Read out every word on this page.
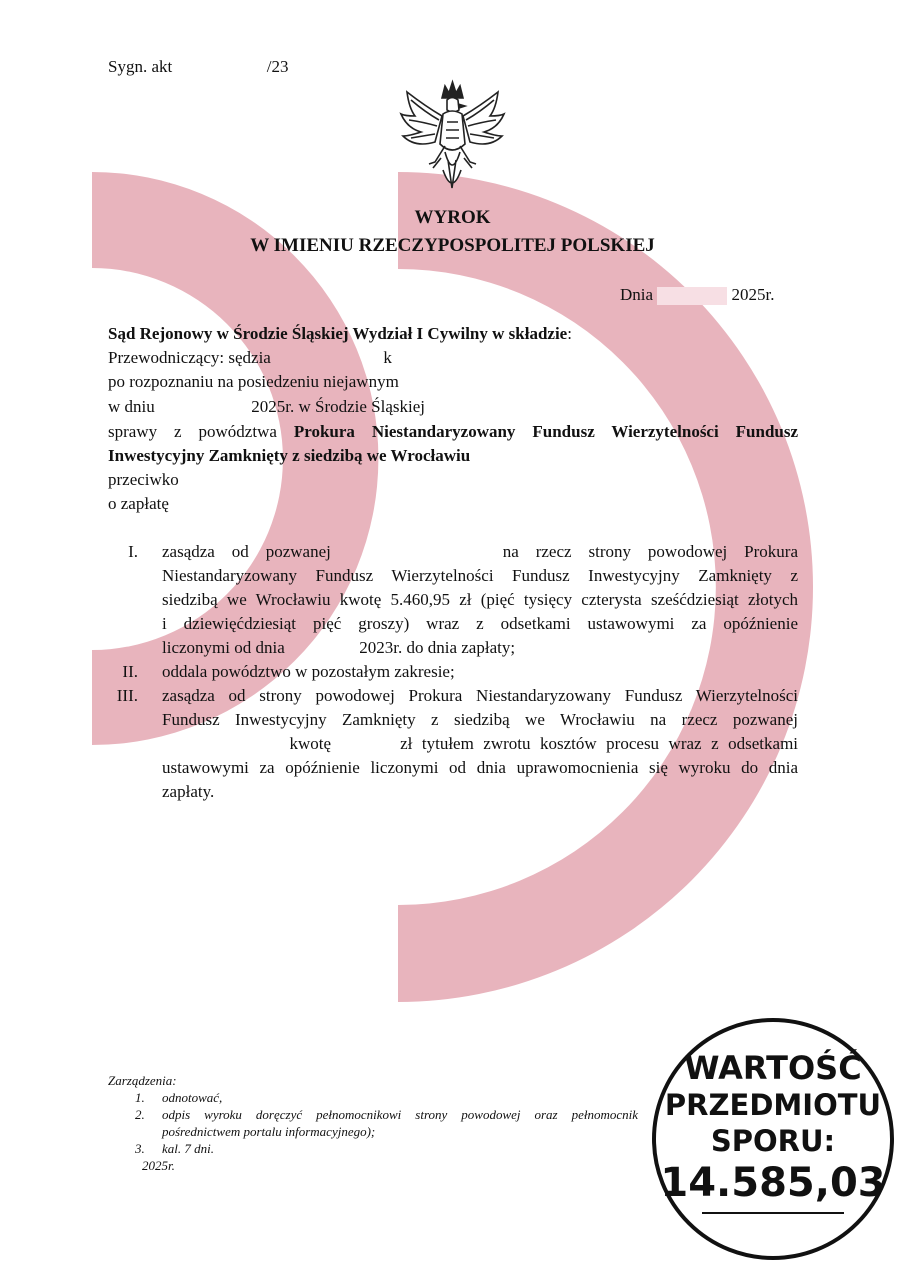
Sygn. akt	/23
WYROK
W IMIENIU RZECZYPOSPOLITEJ POLSKIEJ
Dnia	2025r.
Sąd Rejonowy w Środzie Śląskiej Wydział I Cywilny w składzie:
Przewodniczący: sędzia	k
po rozpoznaniu na posiedzeniu niejawnym
w dniu	2025r. w Środzie Śląskiej
sprawy z powództwa Prokura Niestandaryzowany Fundusz Wierzytelności Fundusz
Inwestycyjny Zamknięty z siedzibą we Wrocławiu
przeciwko
o zapłatę
I. zasądza od pozwanej	na rzecz strony powodowej Prokura
Niestandaryzowany Fundusz Wierzytelności Fundusz Inwestycyjny Zamknięty z
siedzibą we Wrocławiu kwotę 5.460,95 zł (pięć tysięcy czterysta sześćdziesiąt złotych
i dziewięćdziesiąt pięć groszy) wraz z odsetkami ustawowymi za opóźnienie
liczonymi od dnia	2023r. do dnia zapłaty;
II. oddala powództwo w pozostałym zakresie;
III. zasądza od strony powodowej Prokura Niestandaryzowany Fundusz Wierzytelności
Fundusz Inwestycyjny Zamknięty z siedzibą we Wrocławiu na rzecz pozwanej
kwotę	zł tytułem zwrotu kosztów procesu wraz z odsetkami
ustawowymi za opóźnienie liczonymi od dnia uprawomocnienia się wyroku do dnia
zapłaty.
Zarządzenia:
1. odnotować,
2. odpis wyroku doręczyć pełnomocnikowi strony powodowej oraz pełnomocnik
pośrednictwem portalu informacyjnego);
3. kal. 7 dni.
2025r.
WARTOŚĆ
PRZEDMIOTU
SPORU:
14.585,03
